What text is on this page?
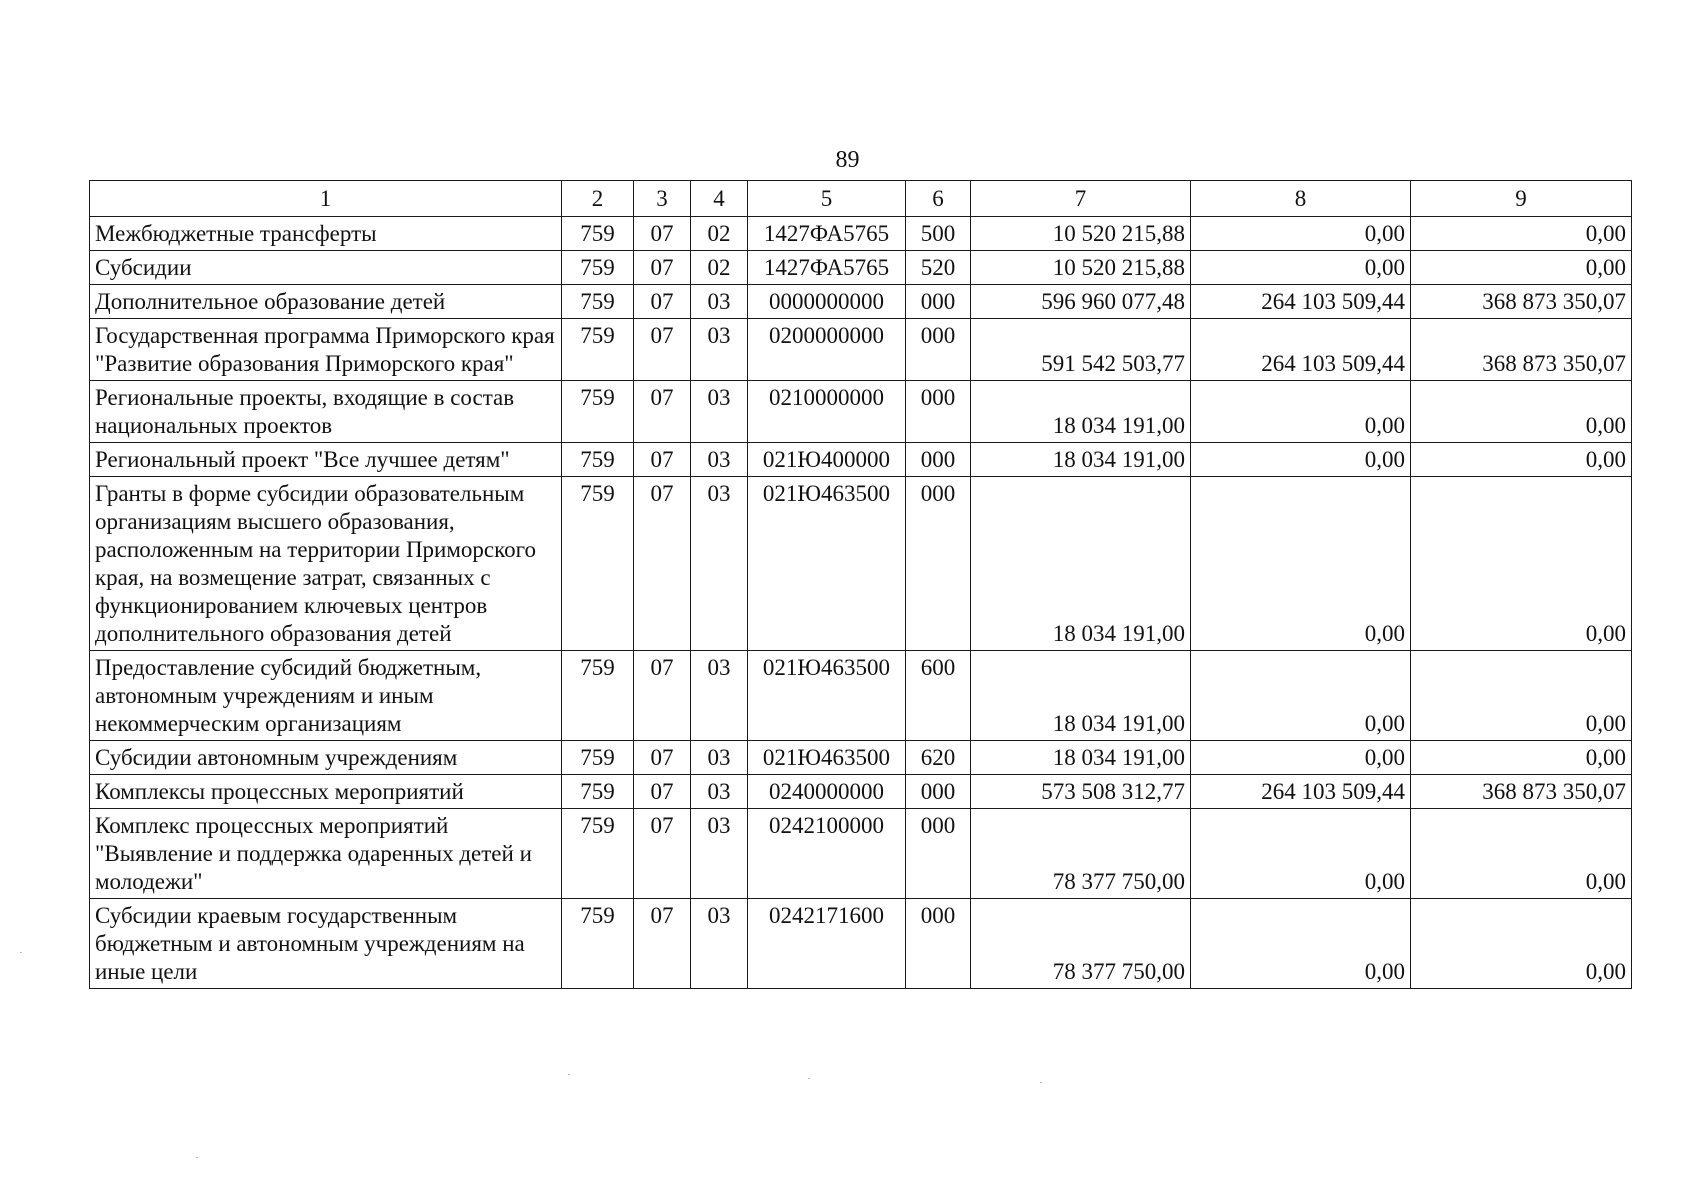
89
1	2	3	4	5	6	7	8	9
Межбюджетные трансферты	759	07	02	1427ФА5765	500	10 520 215,88	0,00	0,00
Субсидии	759	07	02	1427ФА5765	520	10 520 215,88	0,00	0,00
Дополнительное образование детей	759	07	03	0000000000	000	596 960 077,48	264 103 509,44	368 873 350,07
Государственная программа Приморского края "Развитие образования Приморского края"	759	07	03	0200000000	000	591 542 503,77	264 103 509,44	368 873 350,07
Региональные проекты, входящие в состав национальных проектов	759	07	03	0210000000	000	18 034 191,00	0,00	0,00
Региональный проект "Все лучшее детям"	759	07	03	021Ю400000	000	18 034 191,00	0,00	0,00
Гранты в форме субсидии образовательным организациям высшего образования, расположенным на территории Приморского края, на возмещение затрат, связанных с функционированием ключевых центров дополнительного образования детей	759	07	03	021Ю463500	000	18 034 191,00	0,00	0,00
Предоставление субсидий бюджетным, автономным учреждениям и иным некоммерческим организациям	759	07	03	021Ю463500	600	18 034 191,00	0,00	0,00
Субсидии автономным учреждениям	759	07	03	021Ю463500	620	18 034 191,00	0,00	0,00
Комплексы процессных мероприятий	759	07	03	0240000000	000	573 508 312,77	264 103 509,44	368 873 350,07
Комплекс процессных мероприятий "Выявление и поддержка одаренных детей и молодежи"	759	07	03	0242100000	000	78 377 750,00	0,00	0,00
Субсидии краевым государственным бюджетным и автономным учреждениям на иные цели	759	07	03	0242171600	000	78 377 750,00	0,00	0,00
